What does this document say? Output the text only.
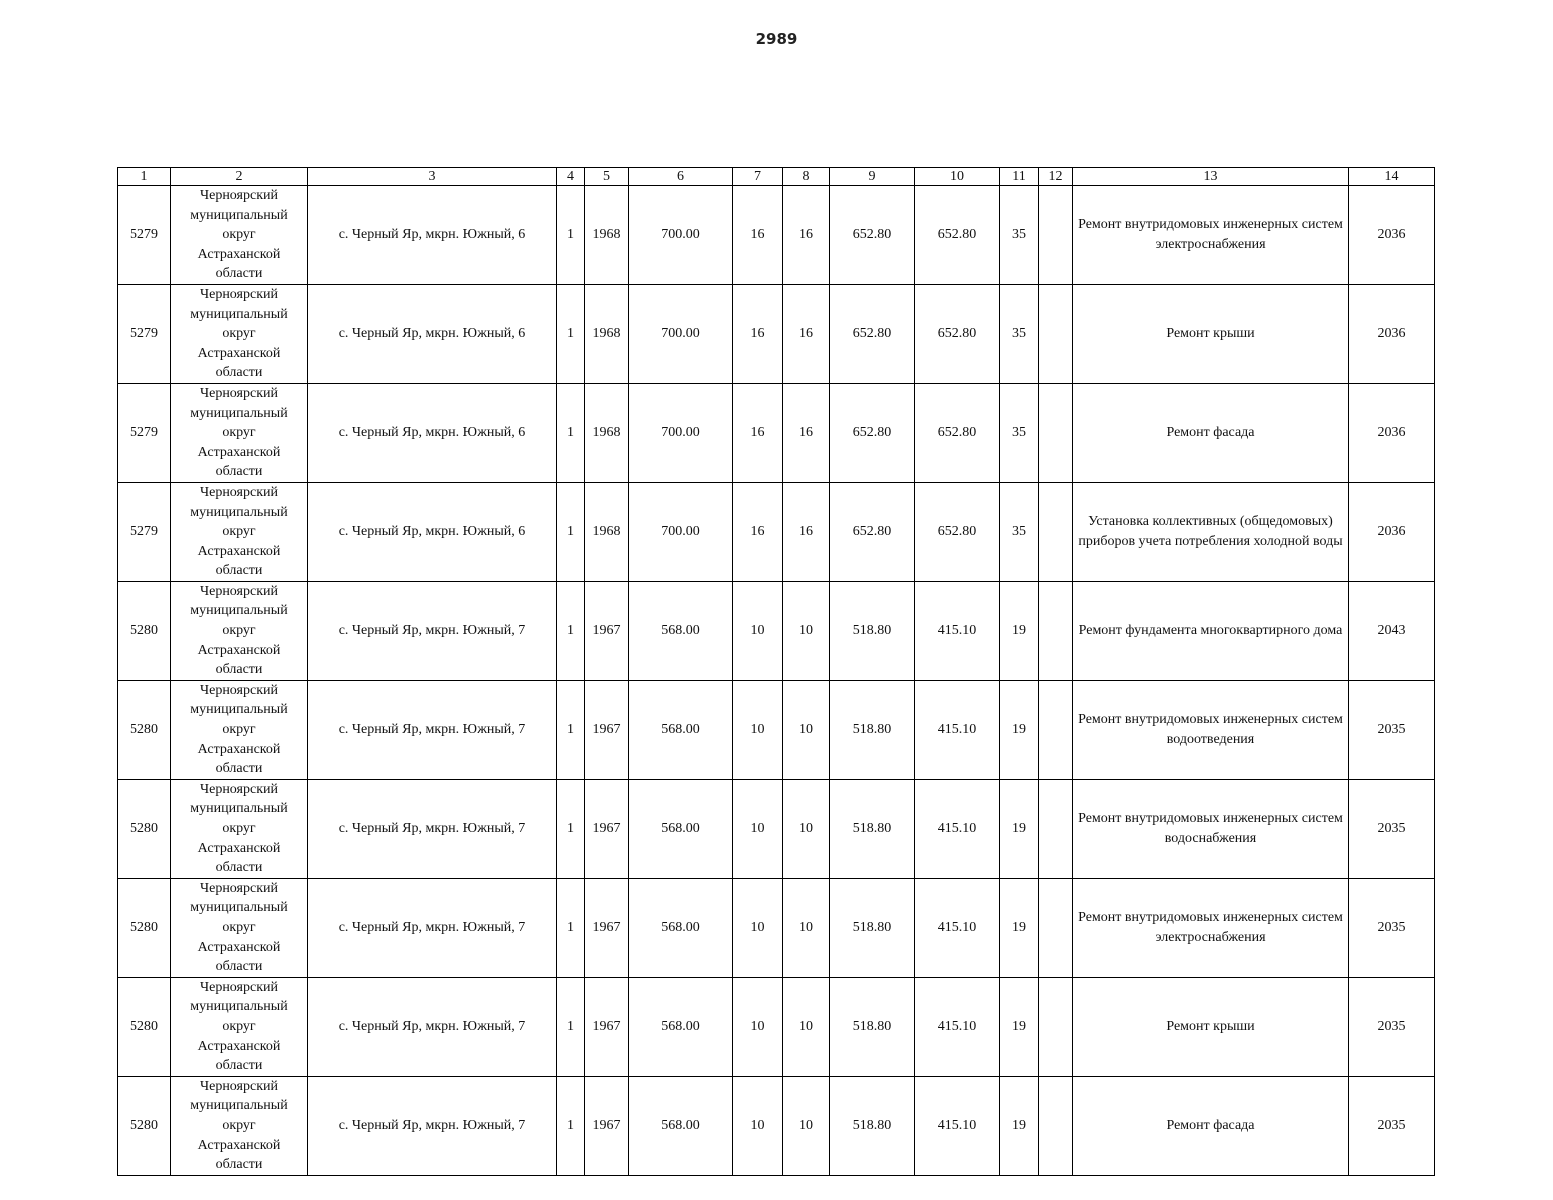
2989
1	2	3	4	5	6	7	8	9	10	11	12	13	14
5279	Черноярский
муниципальный
округ
Астраханской
области	с. Черный Яр, мкрн. Южный, 6	1	1968	700.00	16	16	652.80	652.80	35		Ремонт внутридомовых инженерных систем электроснабжения	2036
5279	Черноярский
муниципальный
округ
Астраханской
области	с. Черный Яр, мкрн. Южный, 6	1	1968	700.00	16	16	652.80	652.80	35		Ремонт крыши	2036
5279	Черноярский
муниципальный
округ
Астраханской
области	с. Черный Яр, мкрн. Южный, 6	1	1968	700.00	16	16	652.80	652.80	35		Ремонт фасада	2036
5279	Черноярский
муниципальный
округ
Астраханской
области	с. Черный Яр, мкрн. Южный, 6	1	1968	700.00	16	16	652.80	652.80	35		Установка коллективных (общедомовых) приборов учета потребления холодной воды	2036
5280	Черноярский
муниципальный
округ
Астраханской
области	с. Черный Яр, мкрн. Южный, 7	1	1967	568.00	10	10	518.80	415.10	19		Ремонт фундамента многоквартирного дома	2043
5280	Черноярский
муниципальный
округ
Астраханской
области	с. Черный Яр, мкрн. Южный, 7	1	1967	568.00	10	10	518.80	415.10	19		Ремонт внутридомовых инженерных систем водоотведения	2035
5280	Черноярский
муниципальный
округ
Астраханской
области	с. Черный Яр, мкрн. Южный, 7	1	1967	568.00	10	10	518.80	415.10	19		Ремонт внутридомовых инженерных систем водоснабжения	2035
5280	Черноярский
муниципальный
округ
Астраханской
области	с. Черный Яр, мкрн. Южный, 7	1	1967	568.00	10	10	518.80	415.10	19		Ремонт внутридомовых инженерных систем электроснабжения	2035
5280	Черноярский
муниципальный
округ
Астраханской
области	с. Черный Яр, мкрн. Южный, 7	1	1967	568.00	10	10	518.80	415.10	19		Ремонт крыши	2035
5280	Черноярский
муниципальный
округ
Астраханской
области	с. Черный Яр, мкрн. Южный, 7	1	1967	568.00	10	10	518.80	415.10	19		Ремонт фасада	2035
